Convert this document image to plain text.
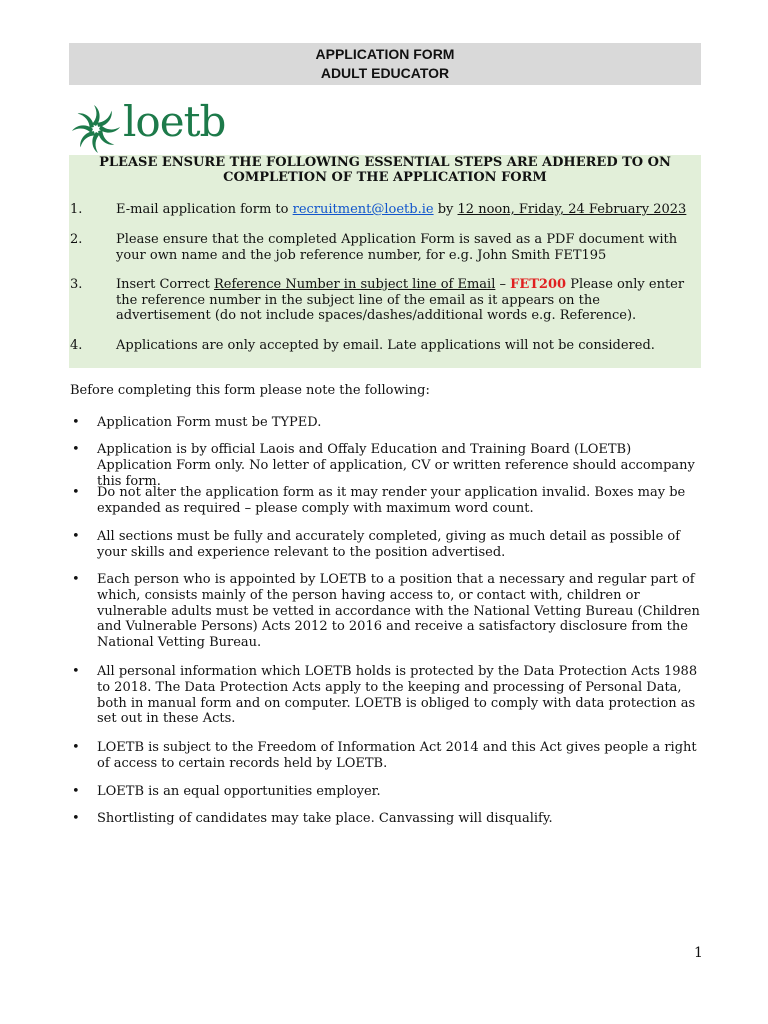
APPLICATION FORM
ADULT EDUCATOR
loetb
PLEASE ENSURE THE FOLLOWING ESSENTIAL STEPS ARE ADHERED TO ON
COMPLETION OF THE APPLICATION FORM
1.	E-mail application form to recruitment@loetb.ie by 12 noon, Friday, 24 February 2023
2.	Please ensure that the completed Application Form is saved as a PDF document with your own name and the job reference number, for e.g. John Smith FET195
3.	Insert Correct Reference Number in subject line of Email – FET200 Please only enter the reference number in the subject line of the email as it appears on the advertisement (do not include spaces/dashes/additional words e.g. Reference).
4.	Applications are only accepted by email. Late applications will not be considered.
Before completing this form please note the following:
• Application Form must be TYPED.
• Application is by official Laois and Offaly Education and Training Board (LOETB) Application Form only. No letter of application, CV or written reference should accompany this form.
• Do not alter the application form as it may render your application invalid. Boxes may be expanded as required – please comply with maximum word count.
• All sections must be fully and accurately completed, giving as much detail as possible of your skills and experience relevant to the position advertised.
• Each person who is appointed by LOETB to a position that a necessary and regular part of which, consists mainly of the person having access to, or contact with, children or vulnerable adults must be vetted in accordance with the National Vetting Bureau (Children and Vulnerable Persons) Acts 2012 to 2016 and receive a satisfactory disclosure from the National Vetting Bureau.
• All personal information which LOETB holds is protected by the Data Protection Acts 1988 to 2018. The Data Protection Acts apply to the keeping and processing of Personal Data, both in manual form and on computer. LOETB is obliged to comply with data protection as set out in these Acts.
• LOETB is subject to the Freedom of Information Act 2014 and this Act gives people a right of access to certain records held by LOETB.
• LOETB is an equal opportunities employer.
• Shortlisting of candidates may take place. Canvassing will disqualify.
1
